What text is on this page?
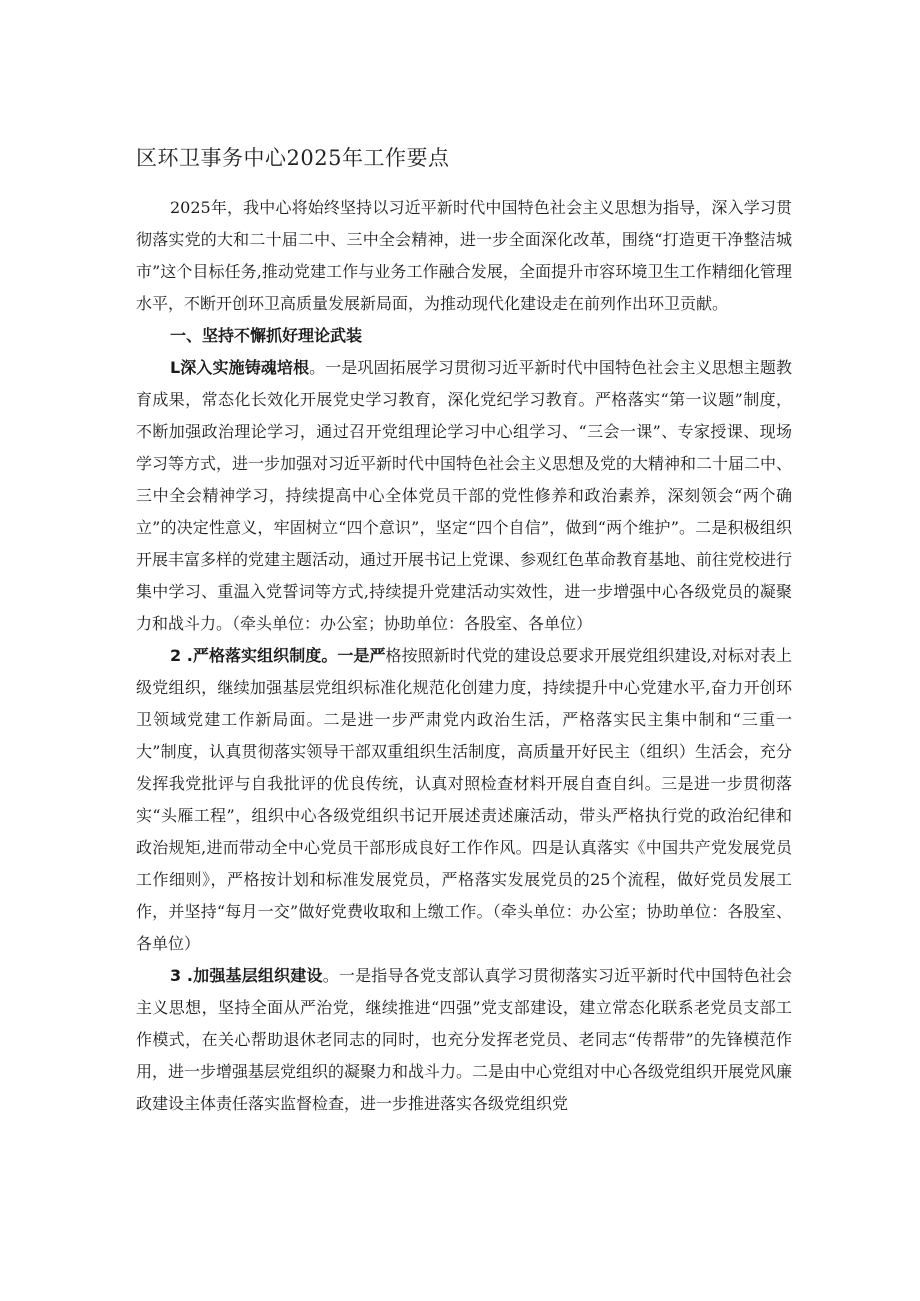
区环卫事务中心2025年工作要点

2025年，我中心将始终坚持以习近平新时代中国特色社会主义思想为指导，深入学习贯彻落实党的大和二十届二中、三中全会精神，进一步全面深化改革，围绕“打造更干净整洁城市”这个目标任务,推动党建工作与业务工作融合发展，全面提升市容环境卫生工作精细化管理水平，不断开创环卫高质量发展新局面，为推动现代化建设走在前列作出环卫贡献。

一、坚持不懈抓好理论武装

L深入实施铸魂培根。一是巩固拓展学习贯彻习近平新时代中国特色社会主义思想主题教育成果，常态化长效化开展党史学习教育，深化党纪学习教育。严格落实“第一议题”制度，不断加强政治理论学习，通过召开党组理论学习中心组学习、“三会一课”、专家授课、现场学习等方式，进一步加强对习近平新时代中国特色社会主义思想及党的大精神和二十届二中、三中全会精神学习，持续提高中心全体党员干部的党性修养和政治素养，深刻领会“两个确立”的决定性意义，牢固树立“四个意识”，坚定“四个自信”，做到“两个维护”。二是积极组织开展丰富多样的党建主题活动，通过开展书记上党课、参观红色革命教育基地、前往党校进行集中学习、重温入党誓词等方式,持续提升党建活动实效性，进一步增强中心各级党员的凝聚力和战斗力。（牵头单位：办公室；协助单位：各股室、各单位）

2 .严格落实组织制度。一是严格按照新时代党的建设总要求开展党组织建设,对标对表上级党组织，继续加强基层党组织标准化规范化创建力度，持续提升中心党建水平,奋力开创环卫领域党建工作新局面。二是进一步严肃党内政治生活，严格落实民主集中制和“三重一大”制度，认真贯彻落实领导干部双重组织生活制度，高质量开好民主（组织）生活会，充分发挥我党批评与自我批评的优良传统，认真对照检查材料开展自查自纠。三是进一步贯彻落实“头雁工程”，组织中心各级党组织书记开展述责述廉活动，带头严格执行党的政治纪律和政治规矩,进而带动全中心党员干部形成良好工作作风。四是认真落实《中国共产党发展党员工作细则》，严格按计划和标准发展党员，严格落实发展党员的25个流程，做好党员发展工作，并坚持“每月一交”做好党费收取和上缴工作。（牵头单位：办公室；协助单位：各股室、各单位）

3 .加强基层组织建设。一是指导各党支部认真学习贯彻落实习近平新时代中国特色社会主义思想，坚持全面从严治党，继续推进“四强”党支部建设，建立常态化联系老党员支部工作模式，在关心帮助退休老同志的同时，也充分发挥老党员、老同志“传帮带”的先锋模范作用，进一步增强基层党组织的凝聚力和战斗力。二是由中心党组对中心各级党组织开展党风廉政建设主体责任落实监督检查，进一步推进落实各级党组织党
